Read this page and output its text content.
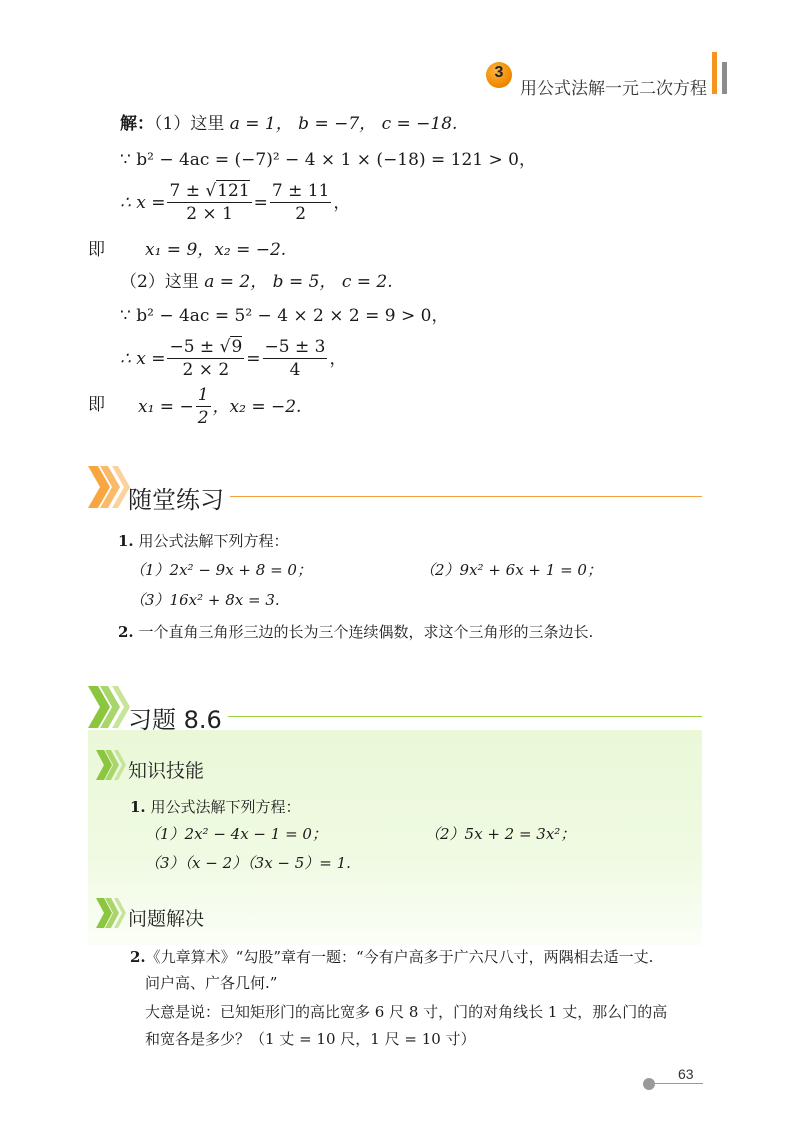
3
用公式法解一元二次方程
解：（1）这里 a = 1， b = −7， c = −18.
∵ b² − 4ac = (−7)² − 4 × 1 × (−18) = 121 > 0，
∴ $x = \frac{7 \pm √121}{2 \times 1} = \frac{7 \pm 11}{2}$ ，
即 x₁ = 9，x₂ = −2.
（2）这里 a = 2， b = 5， c = 2.
∵ b² − 4ac = 5² − 4 × 2 × 2 = 9 > 0，
∴ $x = \frac{-5 \pm √9}{2 \times 2} = \frac{-5 \pm 3}{4}$ ，
即 x₁ = − $\frac{1}{2}$ ，x₂ = −2.
随堂练习
1. 用公式法解下列方程：
（1）2x² − 9x + 8 = 0；	（2）9x² + 6x + 1 = 0；
（3）16x² + 8x = 3.
2. 一个直角三角形三边的长为三个连续偶数，求这个三角形的三条边长.
习题 8.6
知识技能
1. 用公式法解下列方程：
（1）2x² − 4x − 1 = 0；	（2）5x + 2 = 3x²；
（3）（x − 2）（3x − 5）= 1.
问题解决
2.《九章算术》“勾股”章有一题：“今有户高多于广六尺八寸，两隅相去适一丈.
问户高、广各几何.”
大意是说：已知矩形门的高比宽多 6 尺 8 寸，门的对角线长 1 丈，那么门的高
和宽各是多少？（1 丈 = 10 尺，1 尺 = 10 寸）
63
